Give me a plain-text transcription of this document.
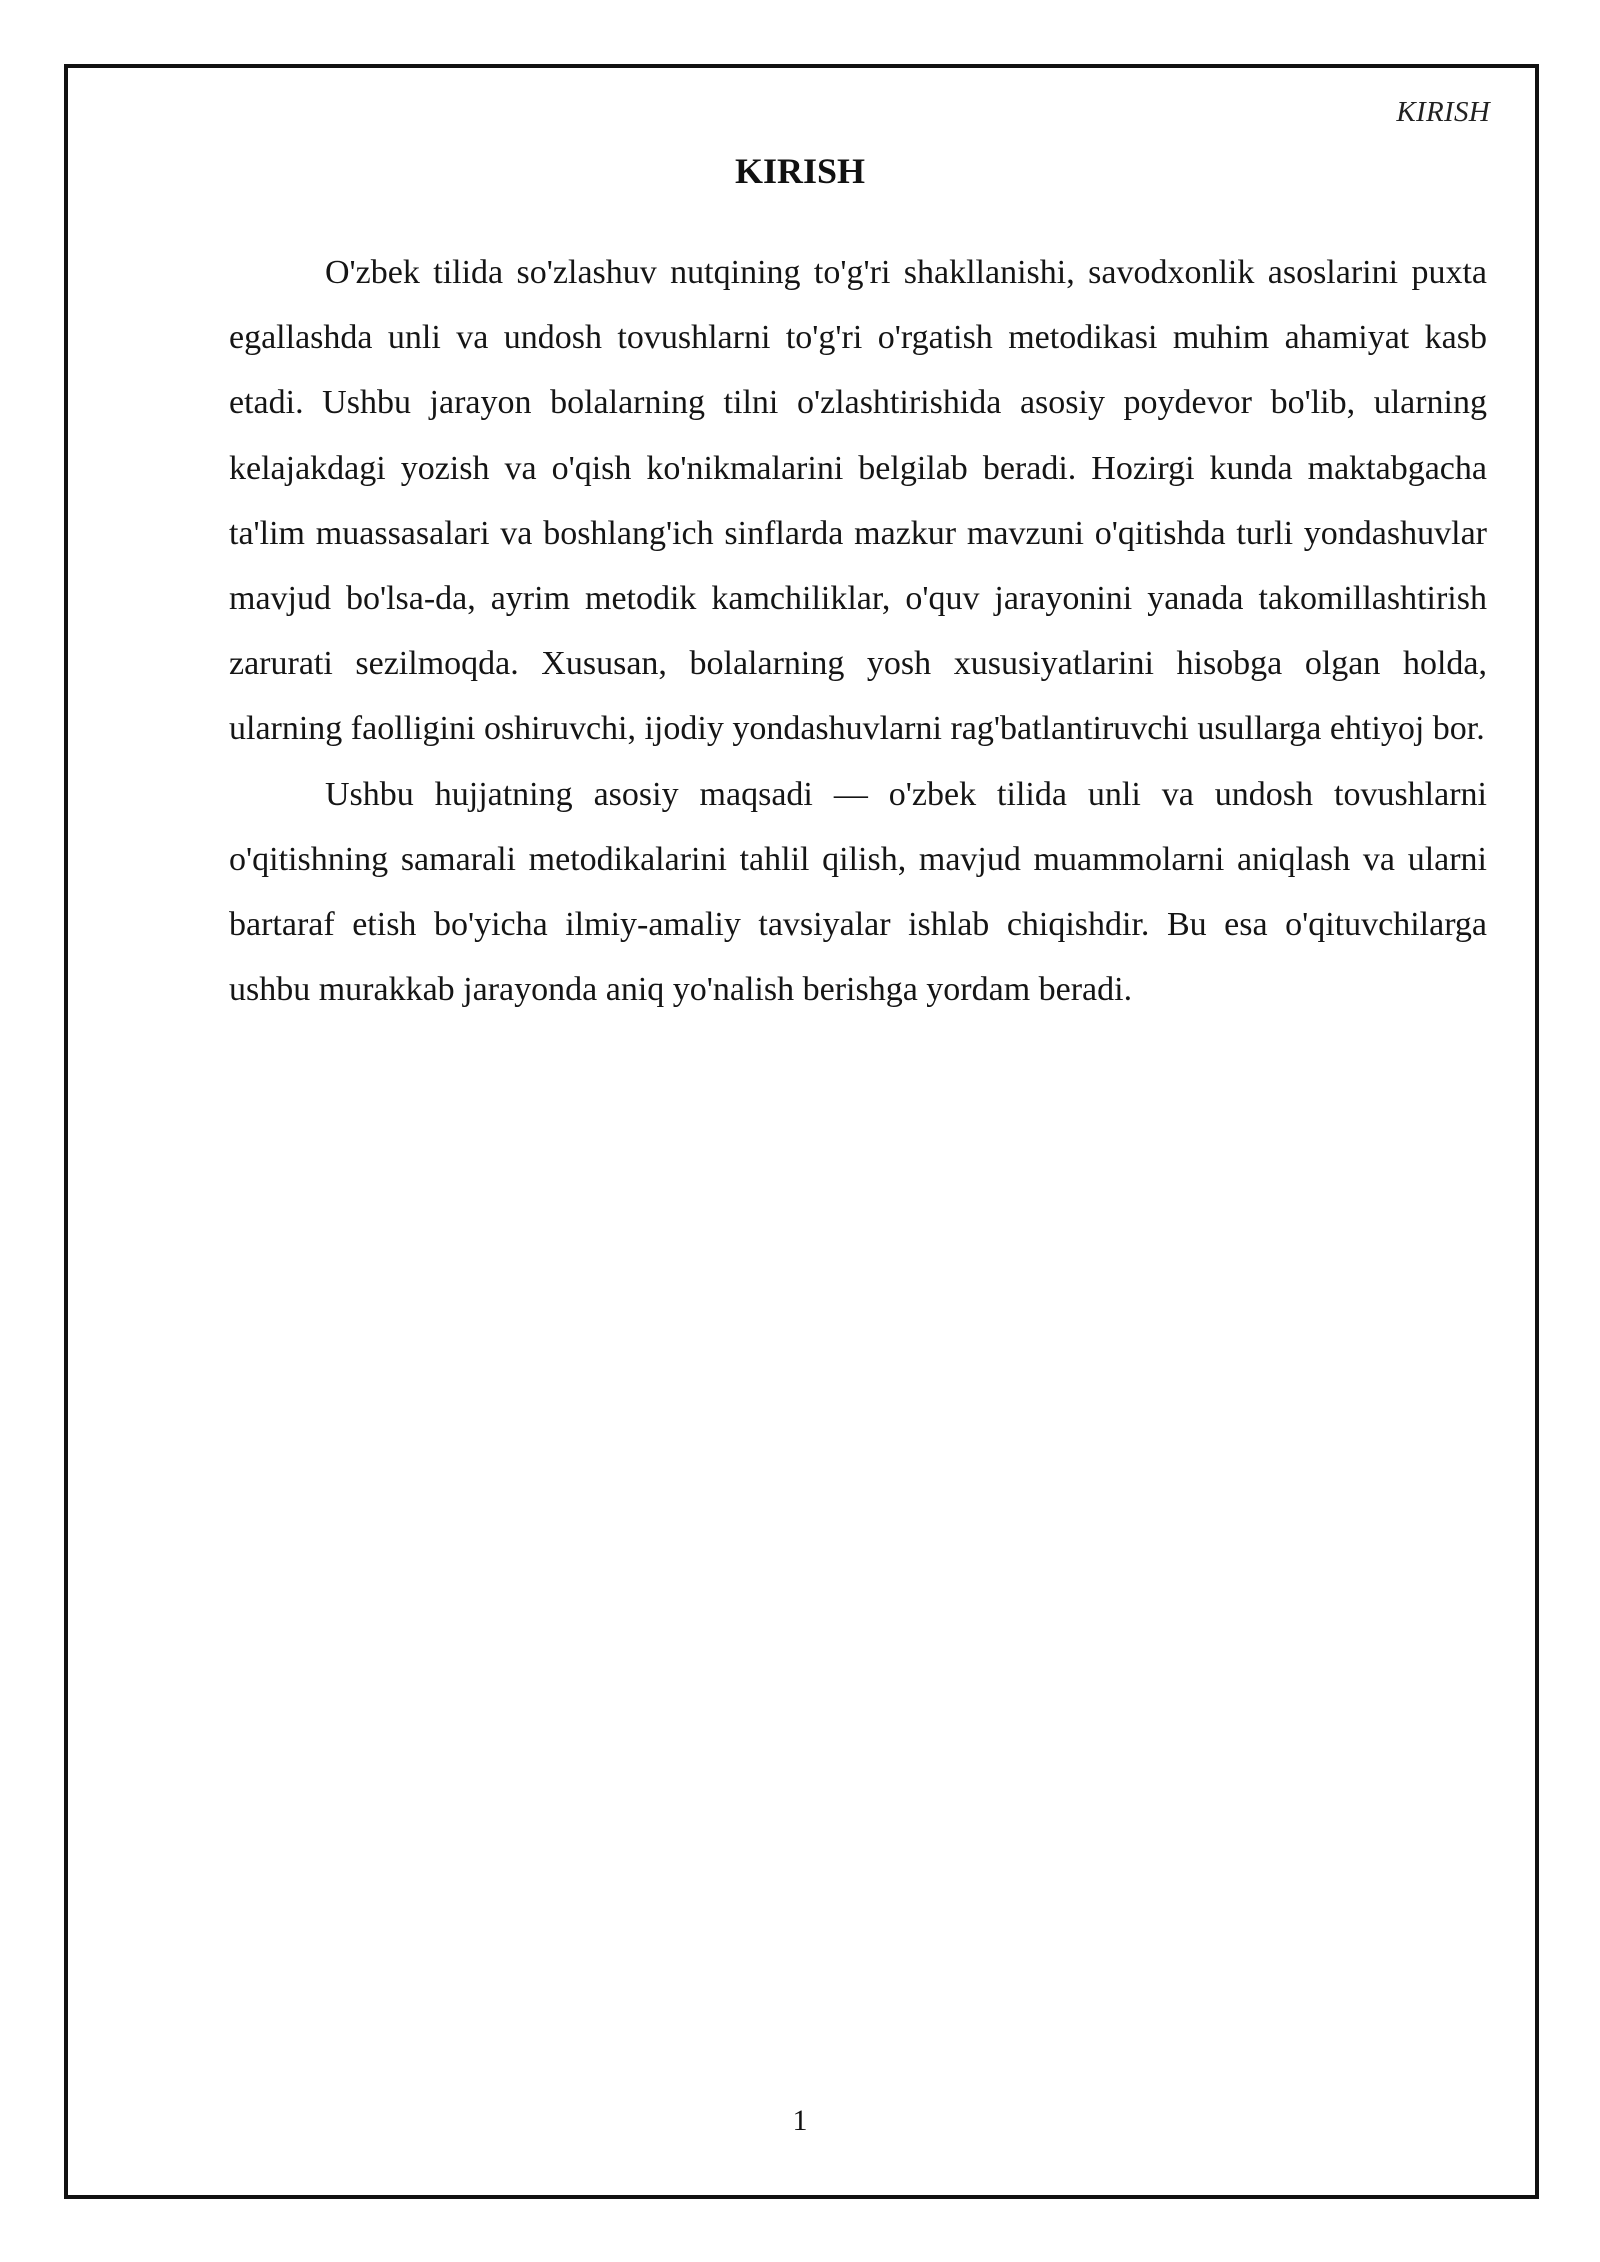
KIRISH
KIRISH

O'zbek tilida so'zlashuv nutqining to'g'ri shakllanishi, savodxonlik asoslarini puxta egallashda unli va undosh tovushlarni to'g'ri o'rgatish metodikasi muhim ahamiyat kasb etadi. Ushbu jarayon bolalarning tilni o'zlashtirishida asosiy poydevor bo'lib, ularning kelajakdagi yozish va o'qish ko'nikmalarini belgilab beradi. Hozirgi kunda maktabgacha ta'lim muassasalari va boshlang'ich sinflarda mazkur mavzuni o'qitishda turli yondashuvlar mavjud bo'lsa-da, ayrim metodik kamchiliklar, o'quv jarayonini yanada takomillashtirish zarurati sezilmoqda. Xususan, bolalarning yosh xususiyatlarini hisobga olgan holda, ularning faolligini oshiruvchi, ijodiy yondashuvlarni rag'batlantiruvchi usullarga ehtiyoj bor.

Ushbu hujjatning asosiy maqsadi — o'zbek tilida unli va undosh tovushlarni o'qitishning samarali metodikalarini tahlil qilish, mavjud muammolarni aniqlash va ularni bartaraf etish bo'yicha ilmiy-amaliy tavsiyalar ishlab chiqishdir. Bu esa o'qituvchilarga ushbu murakkab jarayonda aniq yo'nalish berishga yordam beradi.

1
